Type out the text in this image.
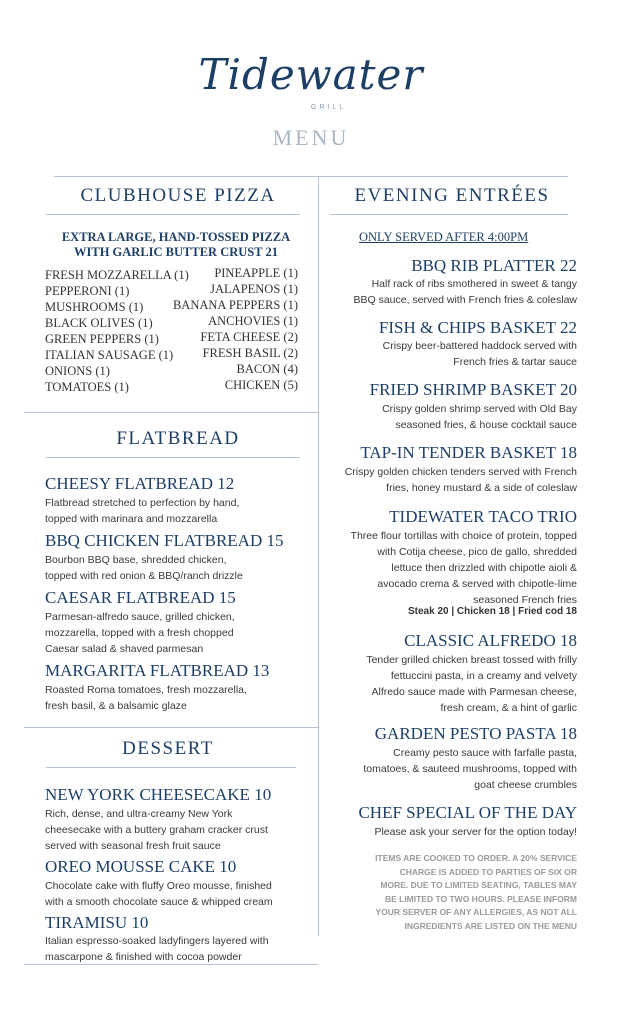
Tidewater
GRILL
MENU
CLUBHOUSE PIZZA
EXTRA LARGE, HAND-TOSSED PIZZA
WITH GARLIC BUTTER CRUST 21
FRESH MOZZARELLA (1)
PEPPERONI (1)
MUSHROOMS (1)
BLACK OLIVES (1)
GREEN PEPPERS (1)
ITALIAN SAUSAGE (1)
ONIONS (1)
TOMATOES (1)
PINEAPPLE (1)
JALAPENOS (1)
BANANA PEPPERS (1)
ANCHOVIES (1)
FETA CHEESE (2)
FRESH BASIL (2)
BACON (4)
CHICKEN (5)
FLATBREAD
CHEESY FLATBREAD 12
Flatbread stretched to perfection by hand,
topped with marinara and mozzarella
BBQ CHICKEN FLATBREAD 15
Bourbon BBQ base, shredded chicken,
topped with red onion & BBQ/ranch drizzle
CAESAR FLATBREAD 15
Parmesan-alfredo sauce, grilled chicken,
mozzarella, topped with a fresh chopped
Caesar salad & shaved parmesan
MARGARITA FLATBREAD 13
Roasted Roma tomatoes, fresh mozzarella,
fresh basil, & a balsamic glaze
DESSERT
NEW YORK CHEESECAKE 10
Rich, dense, and ultra-creamy New York
cheesecake with a buttery graham cracker crust
served with seasonal fresh fruit sauce
OREO MOUSSE CAKE 10
Chocolate cake with fluffy Oreo mousse, finished
with a smooth chocolate sauce & whipped cream
TIRAMISU 10
Italian espresso-soaked ladyfingers layered with
mascarpone & finished with cocoa powder
EVENING ENTRÉES
ONLY SERVED AFTER 4:00PM
BBQ RIB PLATTER 22
Half rack of ribs smothered in sweet & tangy
BBQ sauce, served with French fries & coleslaw
FISH & CHIPS BASKET 22
Crispy beer-battered haddock served with
French fries & tartar sauce
FRIED SHRIMP BASKET 20
Crispy golden shrimp served with Old Bay
seasoned fries, & house cocktail sauce
TAP-IN TENDER BASKET 18
Crispy golden chicken tenders served with French
fries, honey mustard & a side of coleslaw
TIDEWATER TACO TRIO
Three flour tortillas with choice of protein, topped
with Cotija cheese, pico de gallo, shredded
lettuce then drizzled with chipotle aioli &
avocado crema & served with chipotle-lime
seasoned French fries
Steak 20 | Chicken 18 | Fried cod 18
CLASSIC ALFREDO 18
Tender grilled chicken breast tossed with frilly
fettuccini pasta, in a creamy and velvety
Alfredo sauce made with Parmesan cheese,
fresh cream, & a hint of garlic
GARDEN PESTO PASTA 18
Creamy pesto sauce with farfalle pasta,
tomatoes, & sauteed mushrooms, topped with
goat cheese crumbles
CHEF SPECIAL OF THE DAY
Please ask your server for the option today!
ITEMS ARE COOKED TO ORDER. A 20% SERVICE CHARGE IS ADDED TO PARTIES OF SIX OR MORE. DUE TO LIMITED SEATING, TABLES MAY BE LIMITED TO TWO HOURS. PLEASE INFORM YOUR SERVER OF ANY ALLERGIES, AS NOT ALL INGREDIENTS ARE LISTED ON THE MENU
